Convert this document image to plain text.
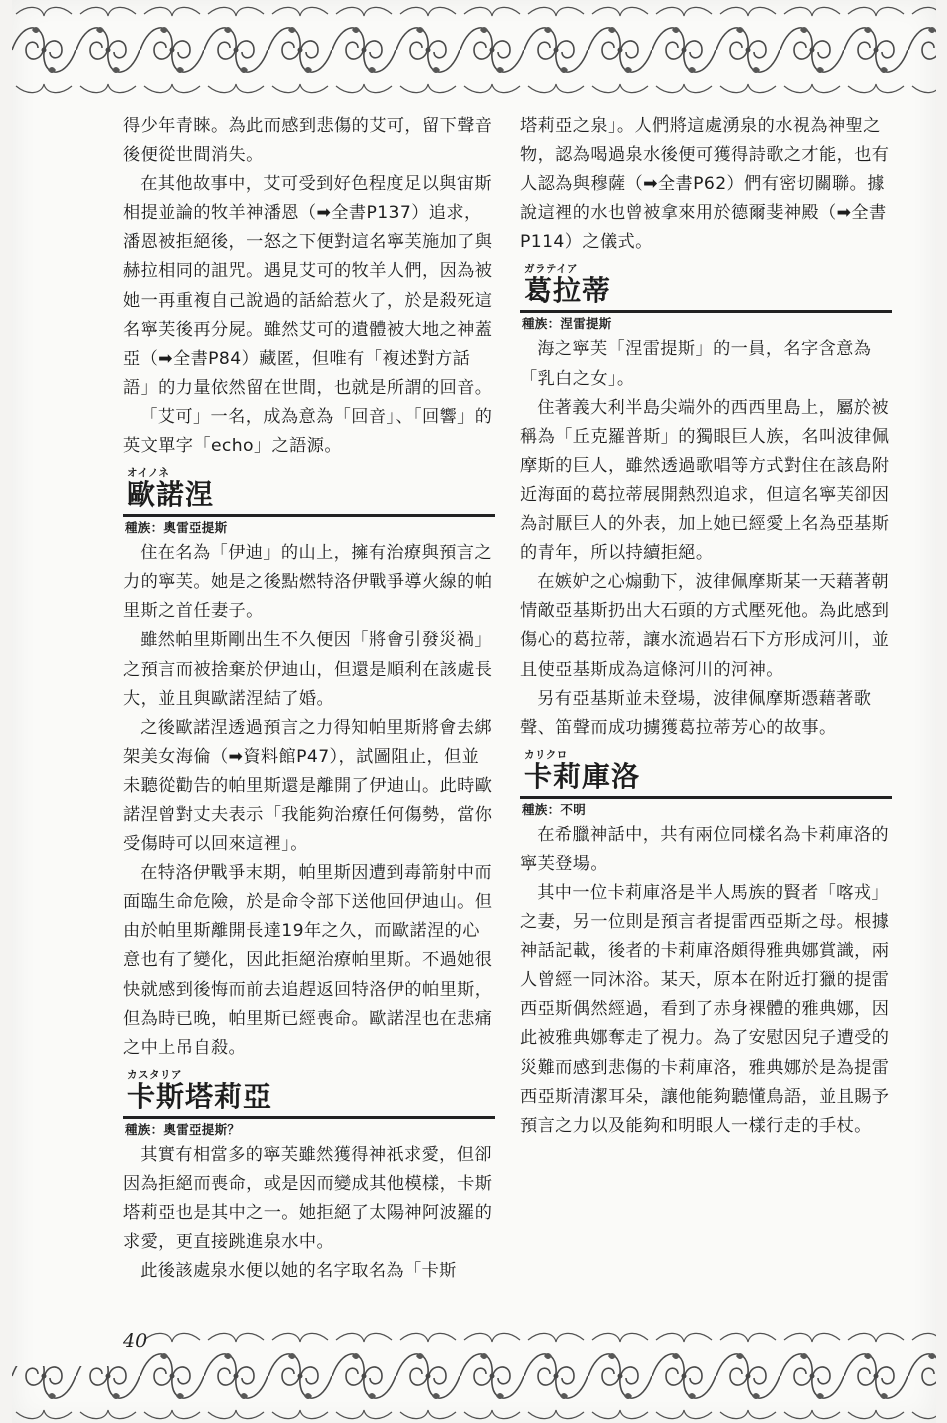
得少年青睞。為此而感到悲傷的艾可，留下聲音後便從世間消失。

在其他故事中，艾可受到好色程度足以與宙斯相提並論的牧羊神潘恩（➡全書P137）追求，潘恩被拒絕後，一怒之下便對這名寧芙施加了與赫拉相同的詛咒。遇見艾可的牧羊人們，因為被她一再重複自己說過的話給惹火了，於是殺死這名寧芙後再分屍。雖然艾可的遺體被大地之神蓋亞（➡全書P84）藏匿，但唯有「複述對方話語」的力量依然留在世間，也就是所謂的回音。

「艾可」一名，成為意為「回音」、「回響」的英文單字「echo」之語源。

オイノネ
歐諾涅
種族：奧雷亞提斯

住在名為「伊迪」的山上，擁有治療與預言之力的寧芙。她是之後點燃特洛伊戰爭導火線的帕里斯之首任妻子。

雖然帕里斯剛出生不久便因「將會引發災禍」之預言而被捨棄於伊迪山，但還是順利在該處長大，並且與歐諾涅結了婚。

之後歐諾涅透過預言之力得知帕里斯將會去綁架美女海倫（➡資料館P47），試圖阻止，但並未聽從勸告的帕里斯還是離開了伊迪山。此時歐諾涅曾對丈夫表示「我能夠治療任何傷勢，當你受傷時可以回來這裡」。

在特洛伊戰爭末期，帕里斯因遭到毒箭射中而面臨生命危險，於是命令部下送他回伊迪山。但由於帕里斯離開長達19年之久，而歐諾涅的心意也有了變化，因此拒絕治療帕里斯。不過她很快就感到後悔而前去追趕返回特洛伊的帕里斯，但為時已晚，帕里斯已經喪命。歐諾涅也在悲痛之中上吊自殺。

カスタリア
卡斯塔莉亞
種族：奧雷亞提斯？

其實有相當多的寧芙雖然獲得神祇求愛，但卻因為拒絕而喪命，或是因而變成其他模樣，卡斯塔莉亞也是其中之一。她拒絕了太陽神阿波羅的求愛，更直接跳進泉水中。

此後該處泉水便以她的名字取名為「卡斯

塔莉亞之泉」。人們將這處湧泉的水視為神聖之物，認為喝過泉水後便可獲得詩歌之才能，也有人認為與穆薩（➡全書P62）們有密切關聯。據說這裡的水也曾被拿來用於德爾斐神殿（➡全書P114）之儀式。

ガラテイア
葛拉蒂
種族：涅雷提斯

海之寧芙「涅雷提斯」的一員，名字含意為「乳白之女」。

住著義大利半島尖端外的西西里島上，屬於被稱為「丘克羅普斯」的獨眼巨人族，名叫波律佩摩斯的巨人，雖然透過歌唱等方式對住在該島附近海面的葛拉蒂展開熱烈追求，但這名寧芙卻因為討厭巨人的外表，加上她已經愛上名為亞基斯的青年，所以持續拒絕。

在嫉妒之心煽動下，波律佩摩斯某一天藉著朝情敵亞基斯扔出大石頭的方式壓死他。為此感到傷心的葛拉蒂，讓水流過岩石下方形成河川，並且使亞基斯成為這條河川的河神。

另有亞基斯並未登場，波律佩摩斯憑藉著歌聲、笛聲而成功擄獲葛拉蒂芳心的故事。

カリクロ
卡莉庫洛
種族：不明

在希臘神話中，共有兩位同樣名為卡莉庫洛的寧芙登場。

其中一位卡莉庫洛是半人馬族的賢者「喀戎」之妻，另一位則是預言者提雷西亞斯之母。根據神話記載，後者的卡莉庫洛頗得雅典娜賞識，兩人曾經一同沐浴。某天，原本在附近打獵的提雷西亞斯偶然經過，看到了赤身裸體的雅典娜，因此被雅典娜奪走了視力。為了安慰因兒子遭受的災難而感到悲傷的卡莉庫洛，雅典娜於是為提雷西亞斯清潔耳朵，讓他能夠聽懂鳥語，並且賜予預言之力以及能夠和明眼人一樣行走的手杖。

40
